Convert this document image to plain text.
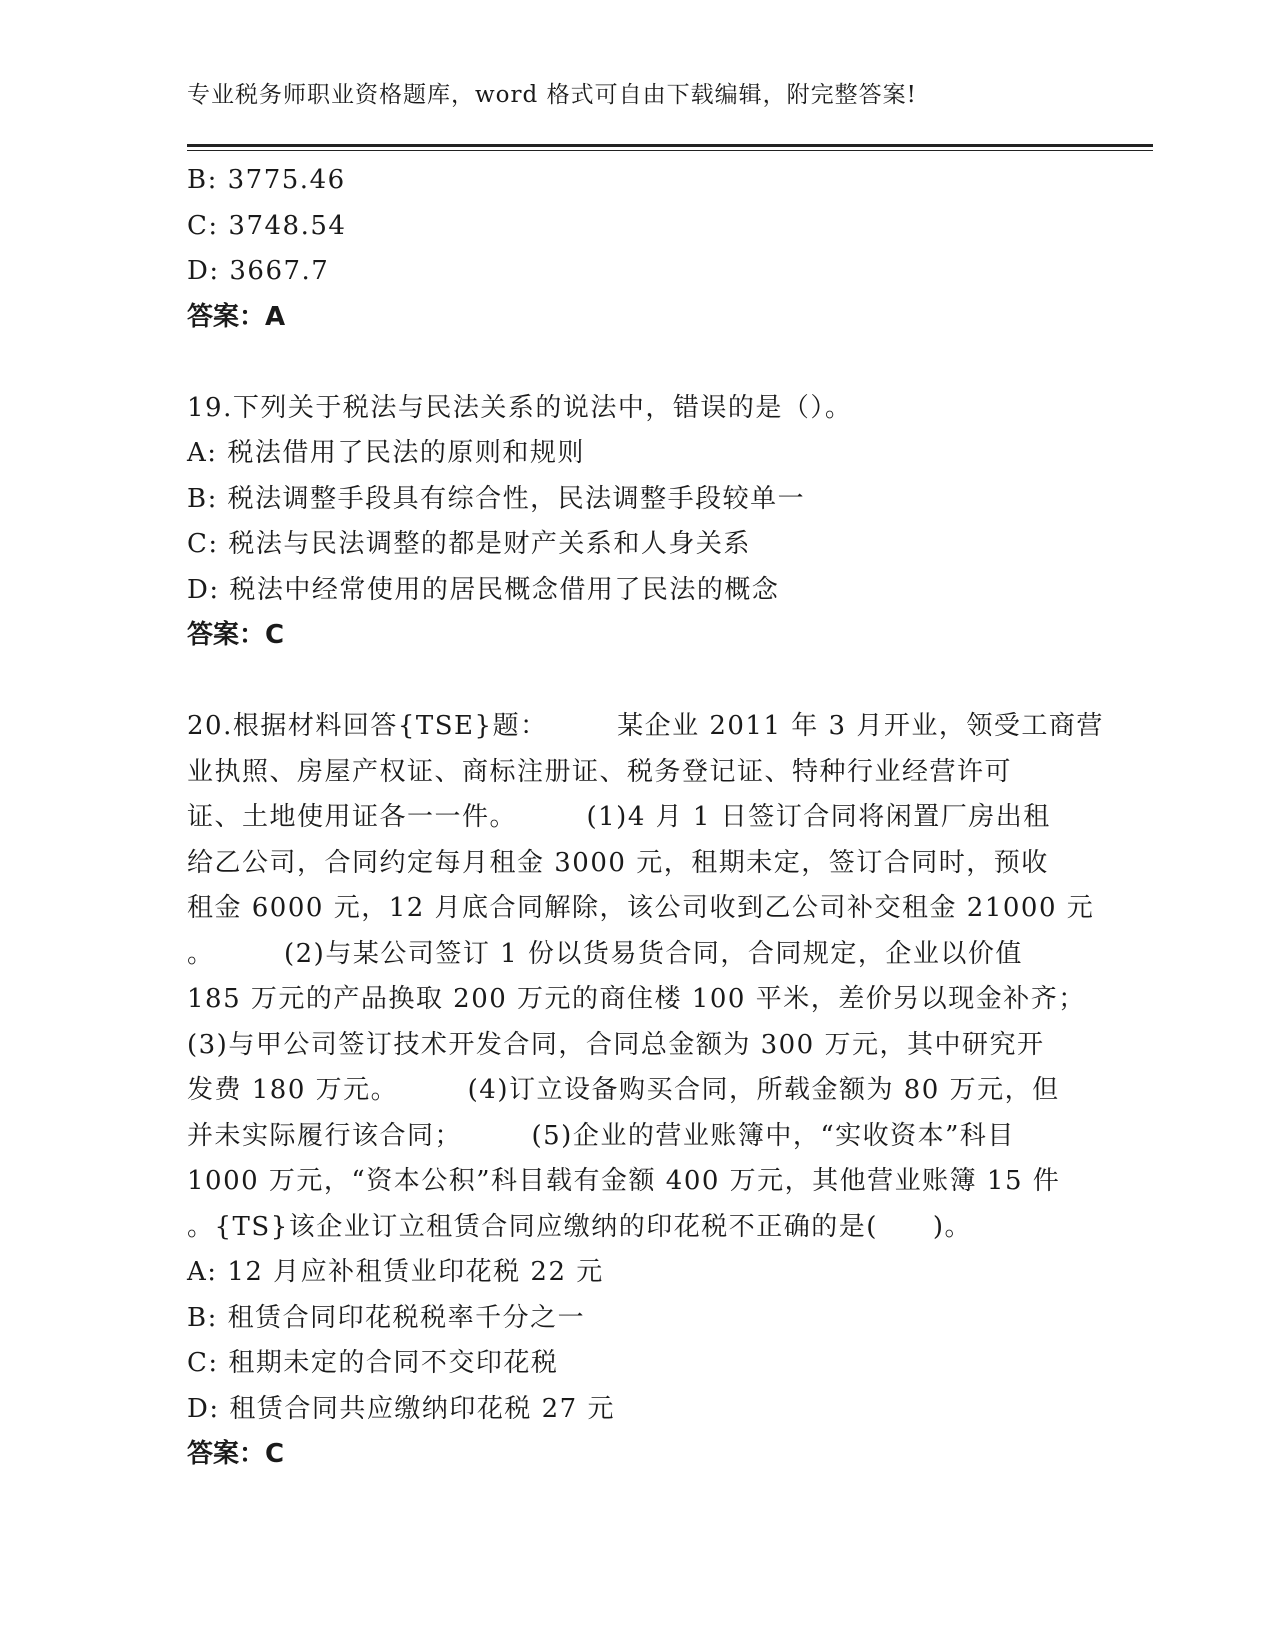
专业税务师职业资格题库，word 格式可自由下载编辑，附完整答案!
B: 3775.46
C: 3748.54
D: 3667.7
答案：A
19.下列关于税法与民法关系的说法中，错误的是（）。
A: 税法借用了民法的原则和规则
B: 税法调整手段具有综合性，民法调整手段较单一
C: 税法与民法调整的都是财产关系和人身关系
D: 税法中经常使用的居民概念借用了民法的概念
答案：C
20.根据材料回答{TSE}题：　　　某企业 2011 年 3 月开业，领受工商营
业执照、房屋产权证、商标注册证、税务登记证、特种行业经营许可
证、土地使用证各一一件。　　　(1)4 月 1 日签订合同将闲置厂房出租
给乙公司，合同约定每月租金 3000 元，租期未定，签订合同时，预收
租金 6000 元，12 月底合同解除，该公司收到乙公司补交租金 21000 元
。　　　(2)与某公司签订 1 份以货易货合同，合同规定，企业以价值
185 万元的产品换取 200 万元的商住楼 100 平米，差价另以现金补齐；
(3)与甲公司签订技术开发合同，合同总金额为 300 万元，其中研究开
发费 180 万元。　　　(4)订立设备购买合同，所载金额为 80 万元，但
并未实际履行该合同；　　　(5)企业的营业账簿中，“实收资本”科目
1000 万元，“资本公积”科目载有金额 400 万元，其他营业账簿 15 件
。{TS}该企业订立租赁合同应缴纳的印花税不正确的是(　　)。
A: 12 月应补租赁业印花税 22 元
B: 租赁合同印花税税率千分之一
C: 租期未定的合同不交印花税
D: 租赁合同共应缴纳印花税 27 元
答案：C
